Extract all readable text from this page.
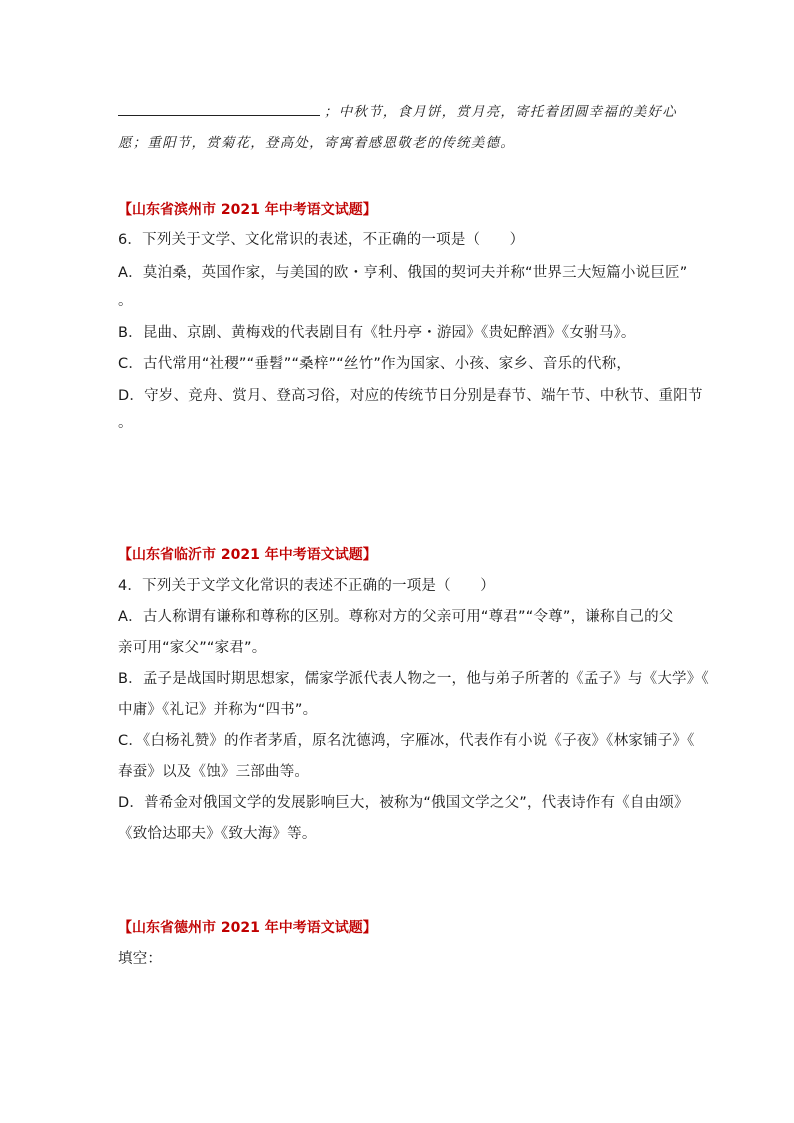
；中秋节，食月饼，赏月亮，寄托着团圆幸福的美好心
愿；重阳节，赏菊花，登高处，寄寓着感恩敬老的传统美德。
【山东省滨州市 2021 年中考语文试题】
6．下列关于文学、文化常识的表述，不正确的一项是（　　）
A．莫泊桑，英国作家，与美国的欧・亨利、俄国的契诃夫并称“世界三大短篇小说巨匠”
。
B．昆曲、京剧、黄梅戏的代表剧目有《牡丹亭・游园》《贵妃醉酒》《女驸马》。
C．古代常用“社稷”“垂髫”“桑梓”“丝竹”作为国家、小孩、家乡、音乐的代称，
D．守岁、竞舟、赏月、登高习俗，对应的传统节日分别是春节、端午节、中秋节、重阳节
。
【山东省临沂市 2021 年中考语文试题】
4．下列关于文学文化常识的表述不正确的一项是（　　）
A．古人称谓有谦称和尊称的区别。尊称对方的父亲可用“尊君”“令尊”，谦称自己的父
亲可用“家父”“家君”。
B．孟子是战国时期思想家，儒家学派代表人物之一，他与弟子所著的《孟子》与《大学》《
中庸》《礼记》并称为“四书”。
C．《白杨礼赞》的作者茅盾，原名沈德鸿，字雁冰，代表作有小说《子夜》《林家铺子》《
春蚕》以及《蚀》三部曲等。
D．普希金对俄国文学的发展影响巨大，被称为“俄国文学之父”，代表诗作有《自由颂》
《致恰达耶夫》《致大海》等。
【山东省德州市 2021 年中考语文试题】
填空：
